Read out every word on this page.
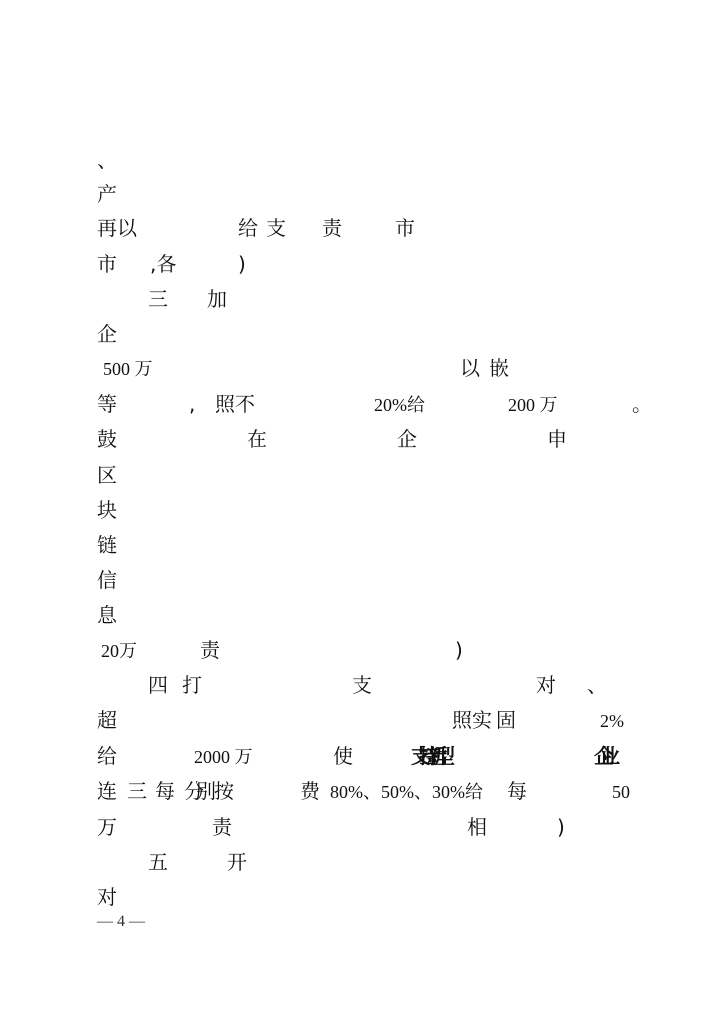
、
产
再以	给 支 责	市
市 ,各	)
三 加
企
500 万	以 嵌
等	, 照不	20%给	200 万	。
鼓	在	企	申
区
块
链
信
息
20万	责	)
四 打	支	对 、
超	照实 固	2%
给	2000 万	使	支持新型	企业
连 三 每 分别 按	费 80%、50%、30%给 每	50
万	责	相	)
五	开
对
— 4 —
